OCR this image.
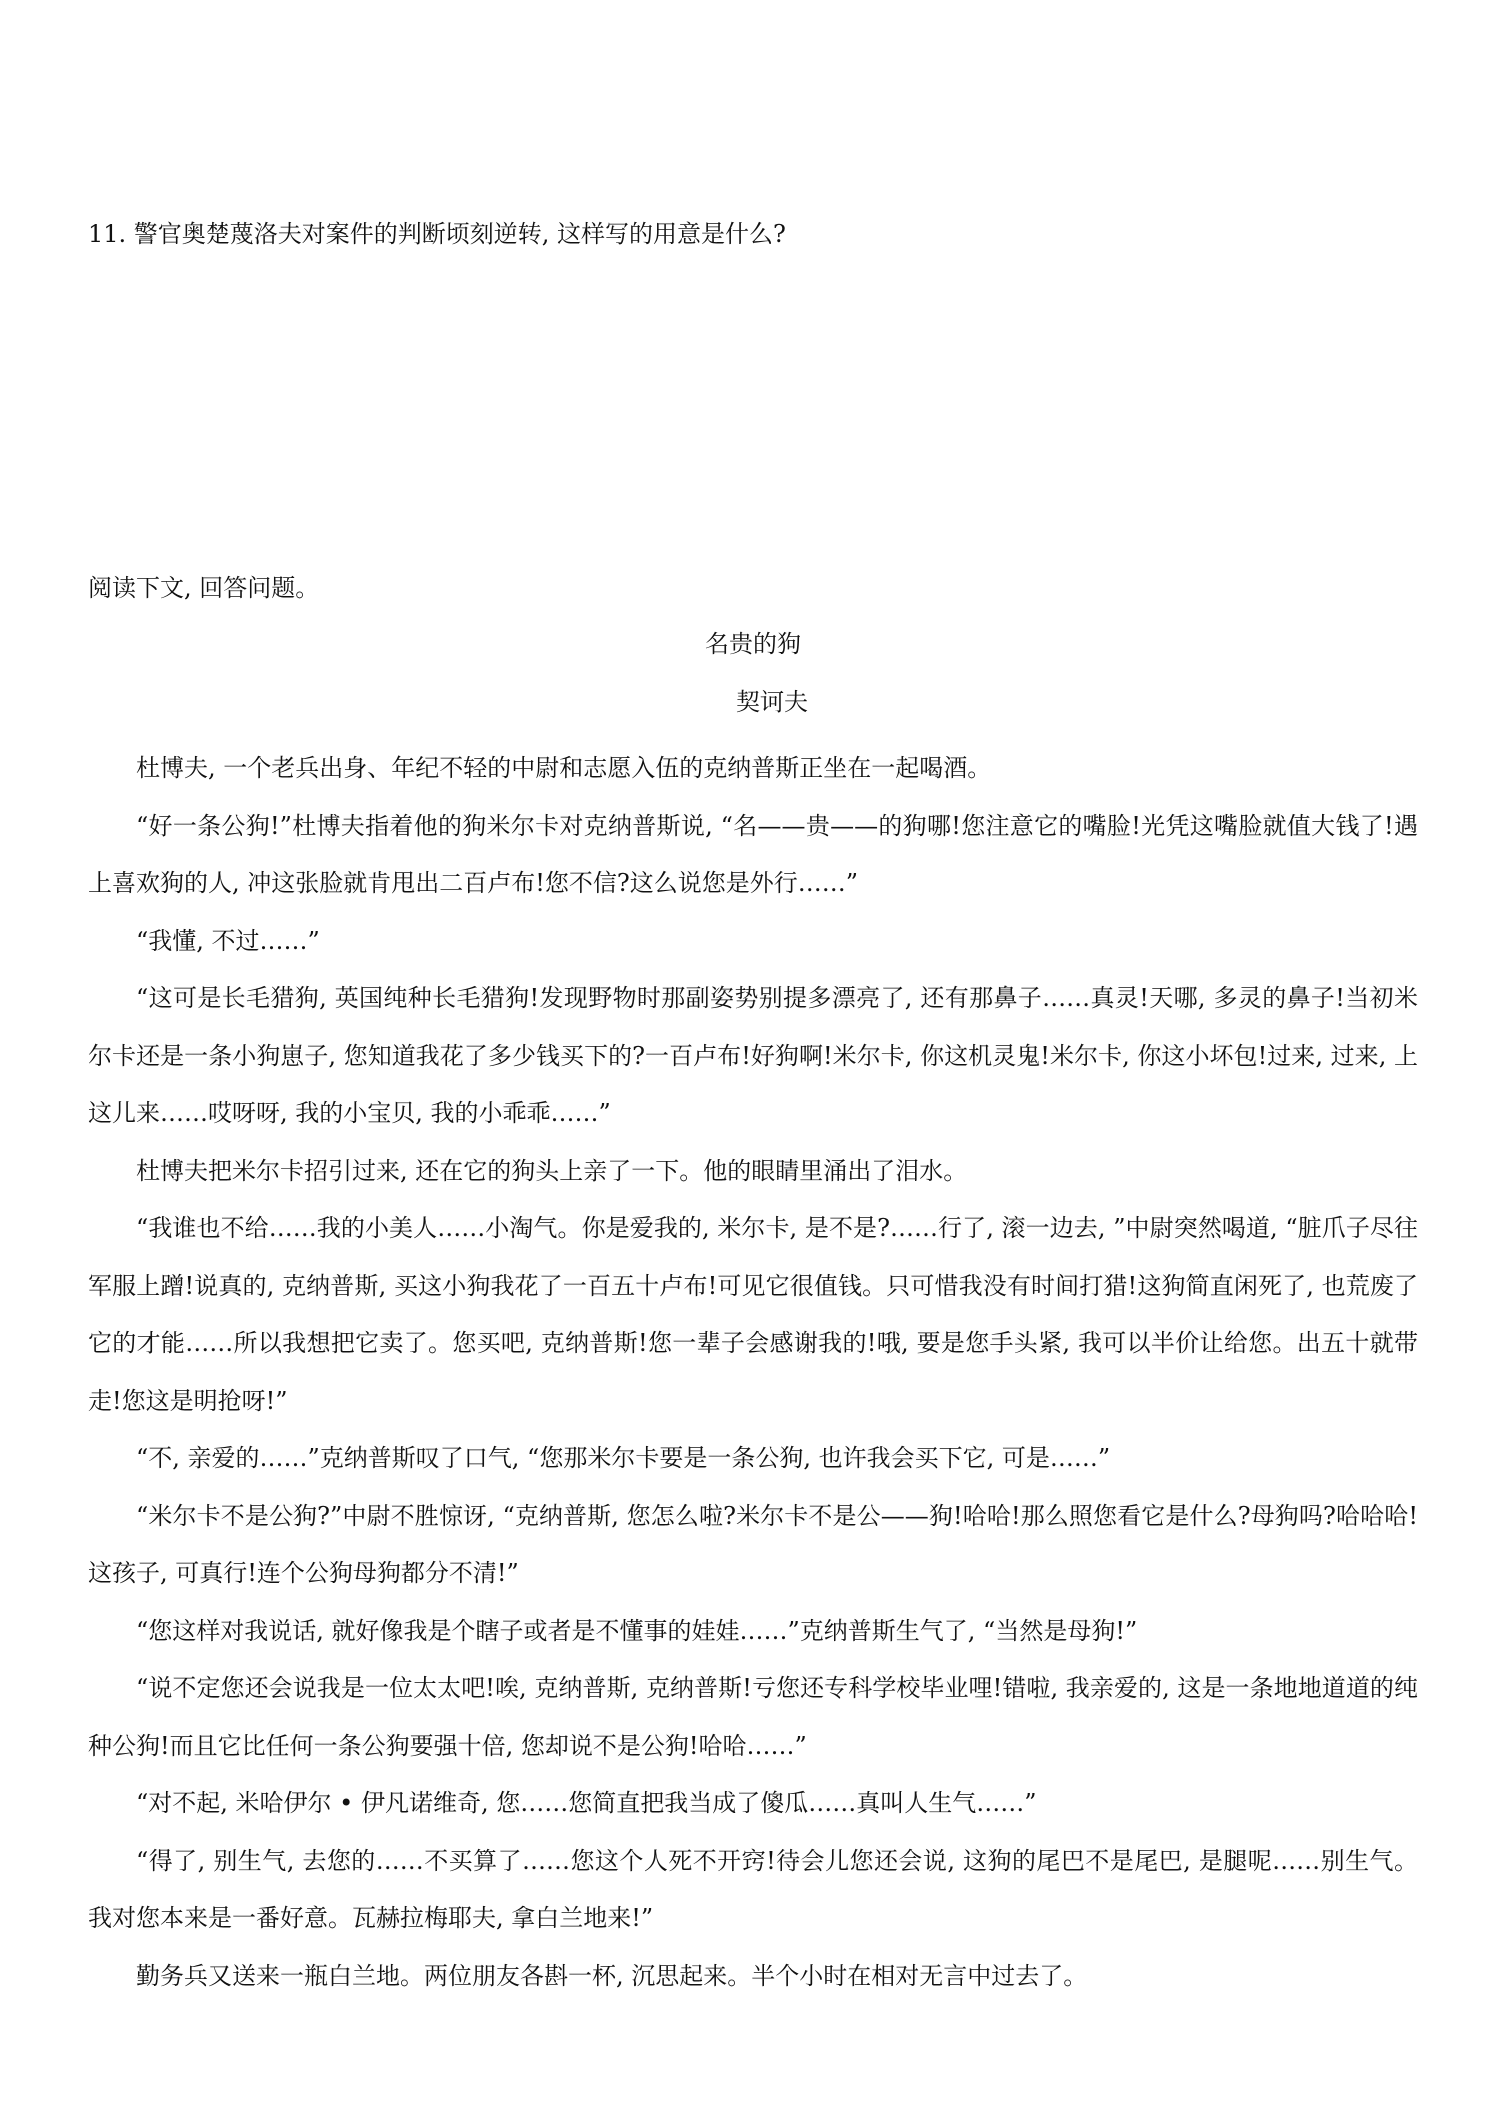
11. 警官奥楚蔑洛夫对案件的判断顷刻逆转, 这样写的用意是什么?
阅读下文, 回答问题。
名贵的狗
契诃夫

杜博夫, 一个老兵出身、年纪不轻的中尉和志愿入伍的克纳普斯正坐在一起喝酒。

“好一条公狗!”杜博夫指着他的狗米尔卡对克纳普斯说, “名——贵——的狗哪!您注意它的嘴脸!光凭这嘴脸就值大钱了!遇上喜欢狗的人, 冲这张脸就肯甩出二百卢布!您不信?这么说您是外行……”

“我懂, 不过……”

“这可是长毛猎狗, 英国纯种长毛猎狗!发现野物时那副姿势别提多漂亮了, 还有那鼻子……真灵!天哪, 多灵的鼻子!当初米尔卡还是一条小狗崽子, 您知道我花了多少钱买下的?一百卢布!好狗啊!米尔卡, 你这机灵鬼!米尔卡, 你这小坏包!过来, 过来, 上这儿来……哎呀呀, 我的小宝贝, 我的小乖乖……”

杜博夫把米尔卡招引过来, 还在它的狗头上亲了一下。他的眼睛里涌出了泪水。

“我谁也不给……我的小美人……小淘气。你是爱我的, 米尔卡, 是不是?……行了, 滚一边去, ”中尉突然喝道, “脏爪子尽往军服上蹭!说真的, 克纳普斯, 买这小狗我花了一百五十卢布!可见它很值钱。只可惜我没有时间打猎!这狗简直闲死了, 也荒废了它的才能……所以我想把它卖了。您买吧, 克纳普斯!您一辈子会感谢我的!哦, 要是您手头紧, 我可以半价让给您。出五十就带走!您这是明抢呀!”

“不, 亲爱的……”克纳普斯叹了口气, “您那米尔卡要是一条公狗, 也许我会买下它, 可是……”

“米尔卡不是公狗?”中尉不胜惊讶, “克纳普斯, 您怎么啦?米尔卡不是公——狗!哈哈!那么照您看它是什么?母狗吗?哈哈哈!这孩子, 可真行!连个公狗母狗都分不清!”

“您这样对我说话, 就好像我是个瞎子或者是不懂事的娃娃……”克纳普斯生气了, “当然是母狗!”

“说不定您还会说我是一位太太吧!唉, 克纳普斯, 克纳普斯!亏您还专科学校毕业哩!错啦, 我亲爱的, 这是一条地地道道的纯种公狗!而且它比任何一条公狗要强十倍, 您却说不是公狗!哈哈……”

“对不起, 米哈伊尔 • 伊凡诺维奇, 您……您简直把我当成了傻瓜……真叫人生气……”

“得了, 别生气, 去您的……不买算了……您这个人死不开窍!待会儿您还会说, 这狗的尾巴不是尾巴, 是腿呢……别生气。我对您本来是一番好意。瓦赫拉梅耶夫, 拿白兰地来!”

勤务兵又送来一瓶白兰地。两位朋友各斟一杯, 沉思起来。半个小时在相对无言中过去了。
